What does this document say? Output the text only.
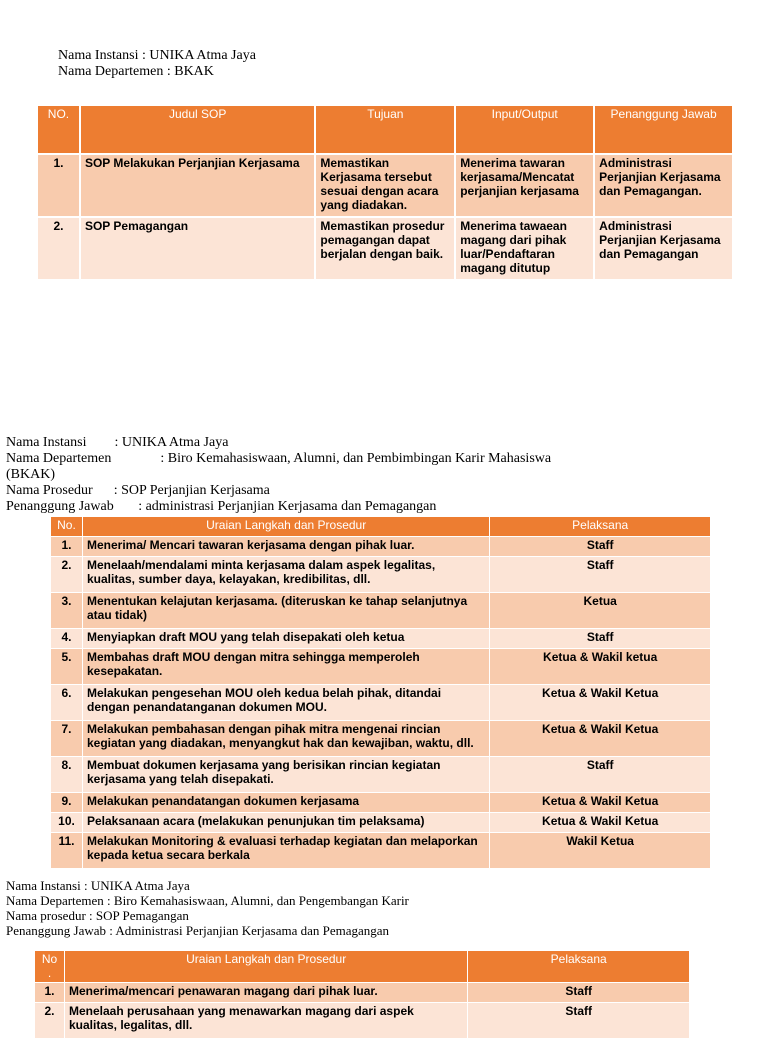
Nama Instansi : UNIKA Atma Jaya
Nama Departemen : BKAK
NO.	Judul SOP	Tujuan	Input/Output	Penanggung Jawab
1.	SOP Melakukan Perjanjian Kerjasama	Memastikan Kerjasama tersebut sesuai dengan acara yang diadakan.	Menerima tawaran kerjasama/Mencatat perjanjian kerjasama	Administrasi Perjanjian Kerjasama dan Pemagangan.
2.	SOP Pemagangan	Memastikan prosedur pemagangan dapat berjalan dengan baik.	Menerima tawaean magang dari pihak luar/Pendaftaran magang ditutup	Administrasi Perjanjian Kerjasama dan Pemagangan
Nama Instansi        : UNIKA Atma Jaya
Nama Departemen              : Biro Kemahasiswaan, Alumni, dan Pembimbingan Karir Mahasiswa
(BKAK)
Nama Prosedur      : SOP Perjanjian Kerjasama
Penanggung Jawab       : administrasi Perjanjian Kerjasama dan Pemagangan
No.	Uraian Langkah dan Prosedur	Pelaksana
1.	Menerima/ Mencari tawaran kerjasama dengan pihak luar.	Staff
2.	Menelaah/mendalami minta kerjasama dalam aspek legalitas, kualitas, sumber daya, kelayakan, kredibilitas, dll.	Staff
3.	Menentukan kelajutan kerjasama. (diteruskan ke tahap selanjutnya atau tidak)	Ketua
4.	Menyiapkan draft MOU yang telah disepakati oleh ketua	Staff
5.	Membahas draft MOU dengan mitra sehingga memperoleh kesepakatan.	Ketua & Wakil ketua
6.	Melakukan pengesehan MOU oleh kedua belah pihak, ditandai dengan penandatanganan dokumen MOU.	Ketua & Wakil Ketua
7.	Melakukan pembahasan dengan pihak mitra mengenai rincian kegiatan yang diadakan, menyangkut hak dan kewajiban, waktu, dll.	Ketua & Wakil Ketua
8.	Membuat dokumen kerjasama yang berisikan rincian kegiatan kerjasama yang telah disepakati.	Staff
9.	Melakukan penandatangan dokumen kerjasama	Ketua & Wakil Ketua
10.	Pelaksanaan acara (melakukan penunjukan tim pelaksama)	Ketua & Wakil Ketua
11.	Melakukan Monitoring & evaluasi terhadap kegiatan dan melaporkan kepada ketua secara berkala	Wakil Ketua
Nama Instansi : UNIKA Atma Jaya
Nama Departemen : Biro Kemahasiswaan, Alumni, dan Pengembangan Karir
Nama prosedur : SOP Pemagangan
Penanggung Jawab : Administrasi Perjanjian Kerjasama dan Pemagangan
No .	Uraian Langkah dan Prosedur	Pelaksana
1.	Menerima/mencari penawaran magang dari pihak luar.	Staff
2.	Menelaah perusahaan yang menawarkan magang dari aspek kualitas, legalitas, dll.	Staff
